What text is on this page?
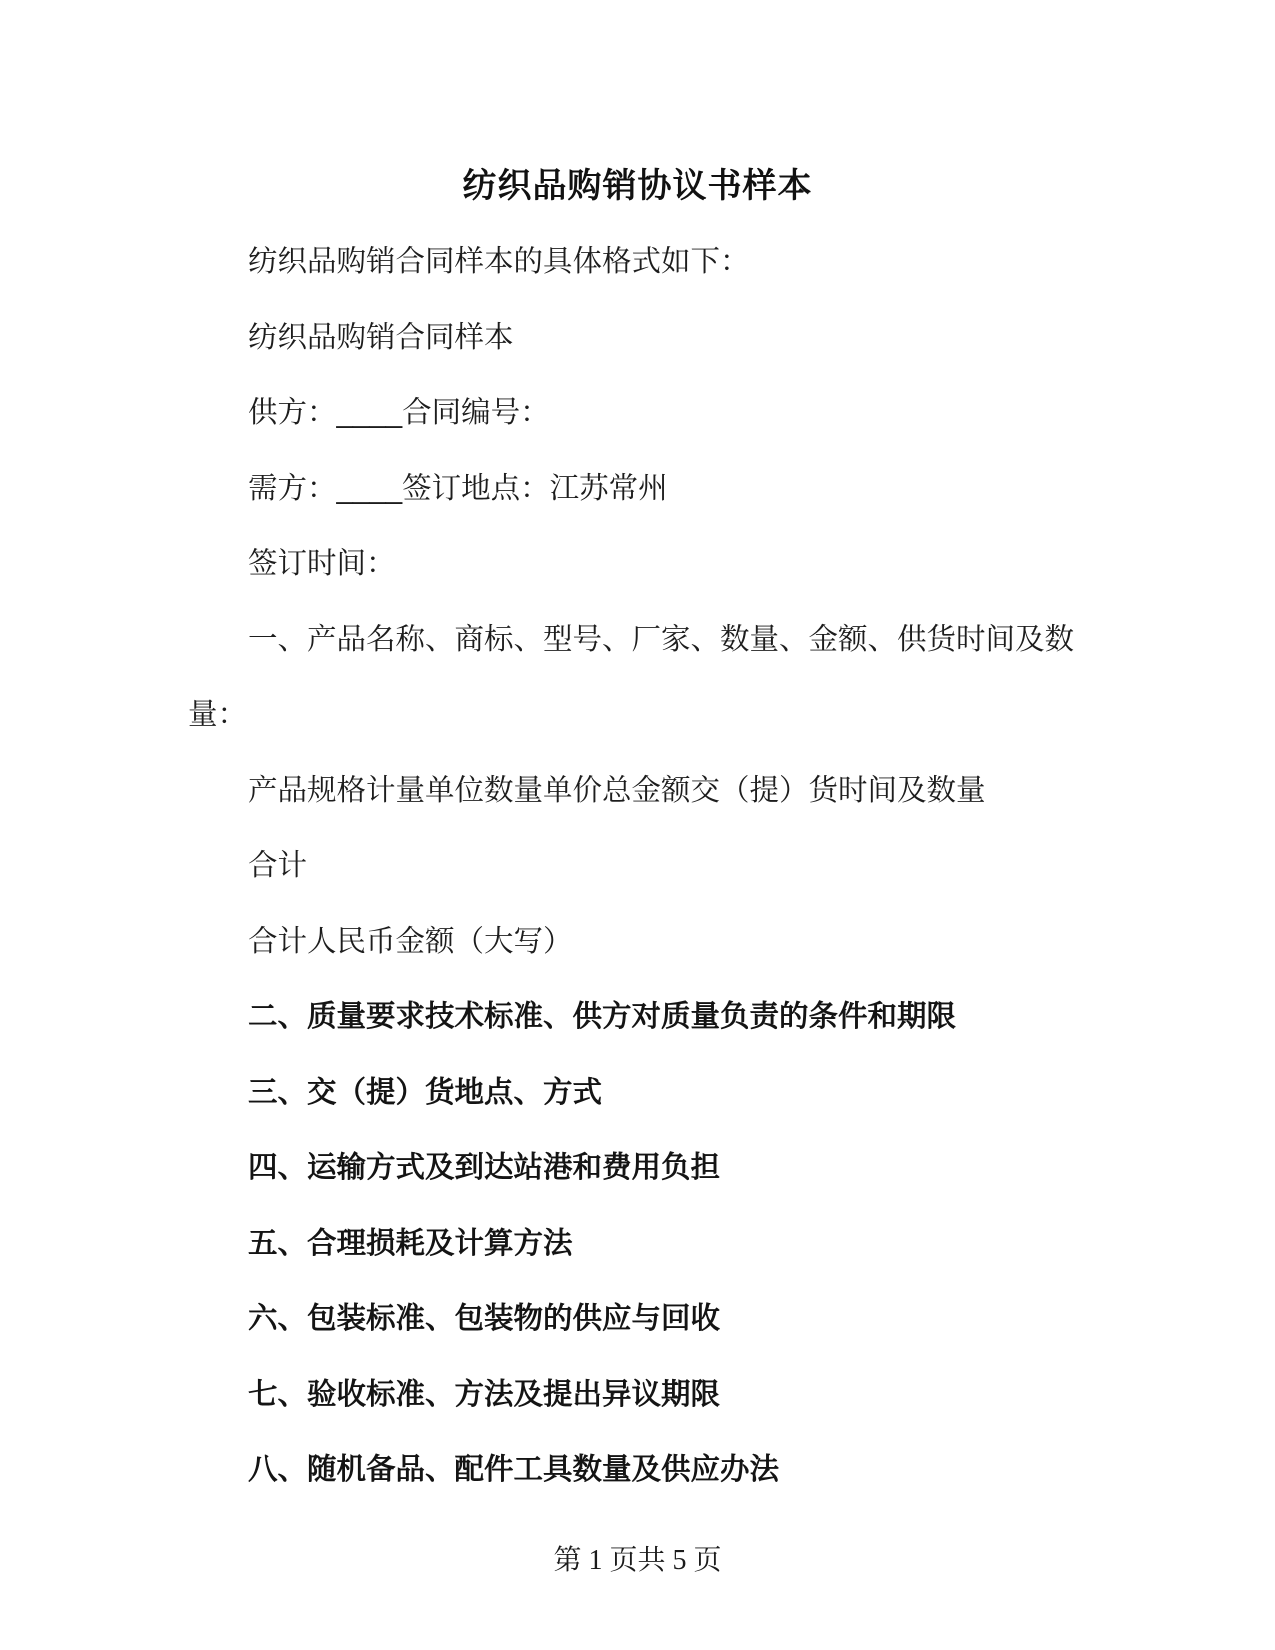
纺织品购销协议书样本

纺织品购销合同样本的具体格式如下：

纺织品购销合同样本

供方：____合同编号：

需方：____签订地点：江苏常州

签订时间：

一、产品名称、商标、型号、厂家、数量、金额、供货时间及数量：

产品规格计量单位数量单价总金额交（提）货时间及数量

合计

合计人民币金额（大写）

二、质量要求技术标准、供方对质量负责的条件和期限

三、交（提）货地点、方式

四、运输方式及到达站港和费用负担

五、合理损耗及计算方法

六、包装标准、包装物的供应与回收

七、验收标准、方法及提出异议期限

八、随机备品、配件工具数量及供应办法

第 1 页共 5 页
